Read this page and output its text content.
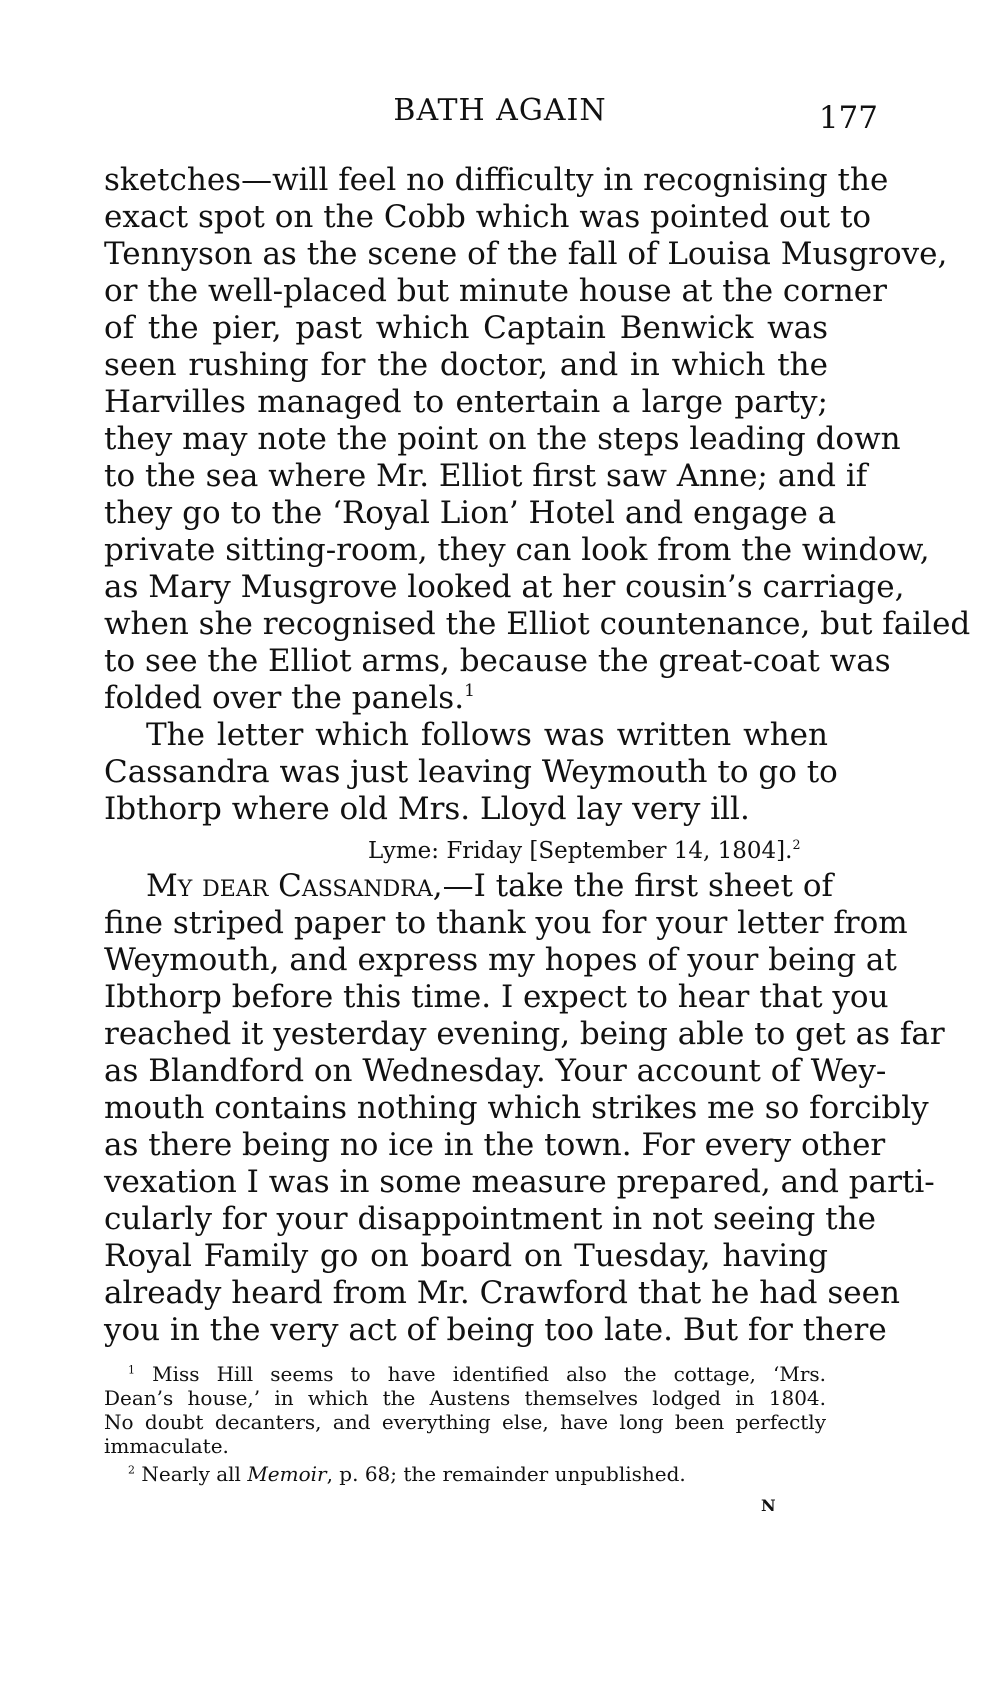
BATH AGAIN	177
sketches—will feel no difficulty in recognising the
exact spot on the Cobb which was pointed out to
Tennyson as the scene of the fall of Louisa Musgrove,
or the well-placed but minute house at the corner
of the pier, past which Captain Benwick was
seen rushing for the doctor, and in which the
Harvilles managed to entertain a large party;
they may note the point on the steps leading down
to the sea where Mr. Elliot first saw Anne; and if
they go to the ‘Royal Lion’ Hotel and engage a
private sitting-room, they can look from the window,
as Mary Musgrove looked at her cousin’s carriage,
when she recognised the Elliot countenance, but failed
to see the Elliot arms, because the great-coat was
folded over the panels.$^1$
The letter which follows was written when
Cassandra was just leaving Weymouth to go to
Ibthorp where old Mrs. Lloyd lay very ill.
Lyme: Friday [September 14, 1804].$^2$
My dear Cassandra,—I take the first sheet of
fine striped paper to thank you for your letter from
Weymouth, and express my hopes of your being at
Ibthorp before this time. I expect to hear that you
reached it yesterday evening, being able to get as far
as Blandford on Wednesday. Your account of Wey-
mouth contains nothing which strikes me so forcibly
as there being no ice in the town. For every other
vexation I was in some measure prepared, and parti-
cularly for your disappointment in not seeing the
Royal Family go on board on Tuesday, having
already heard from Mr. Crawford that he had seen
you in the very act of being too late. But for there
$^1$ Miss Hill seems to have identified also the cottage, ‘Mrs.
Dean’s house,’ in which the Austens themselves lodged in 1804.
No doubt decanters, and everything else, have long been perfectly
immaculate.
$^2$ Nearly all Memoir, p. 68; the remainder unpublished.
N
